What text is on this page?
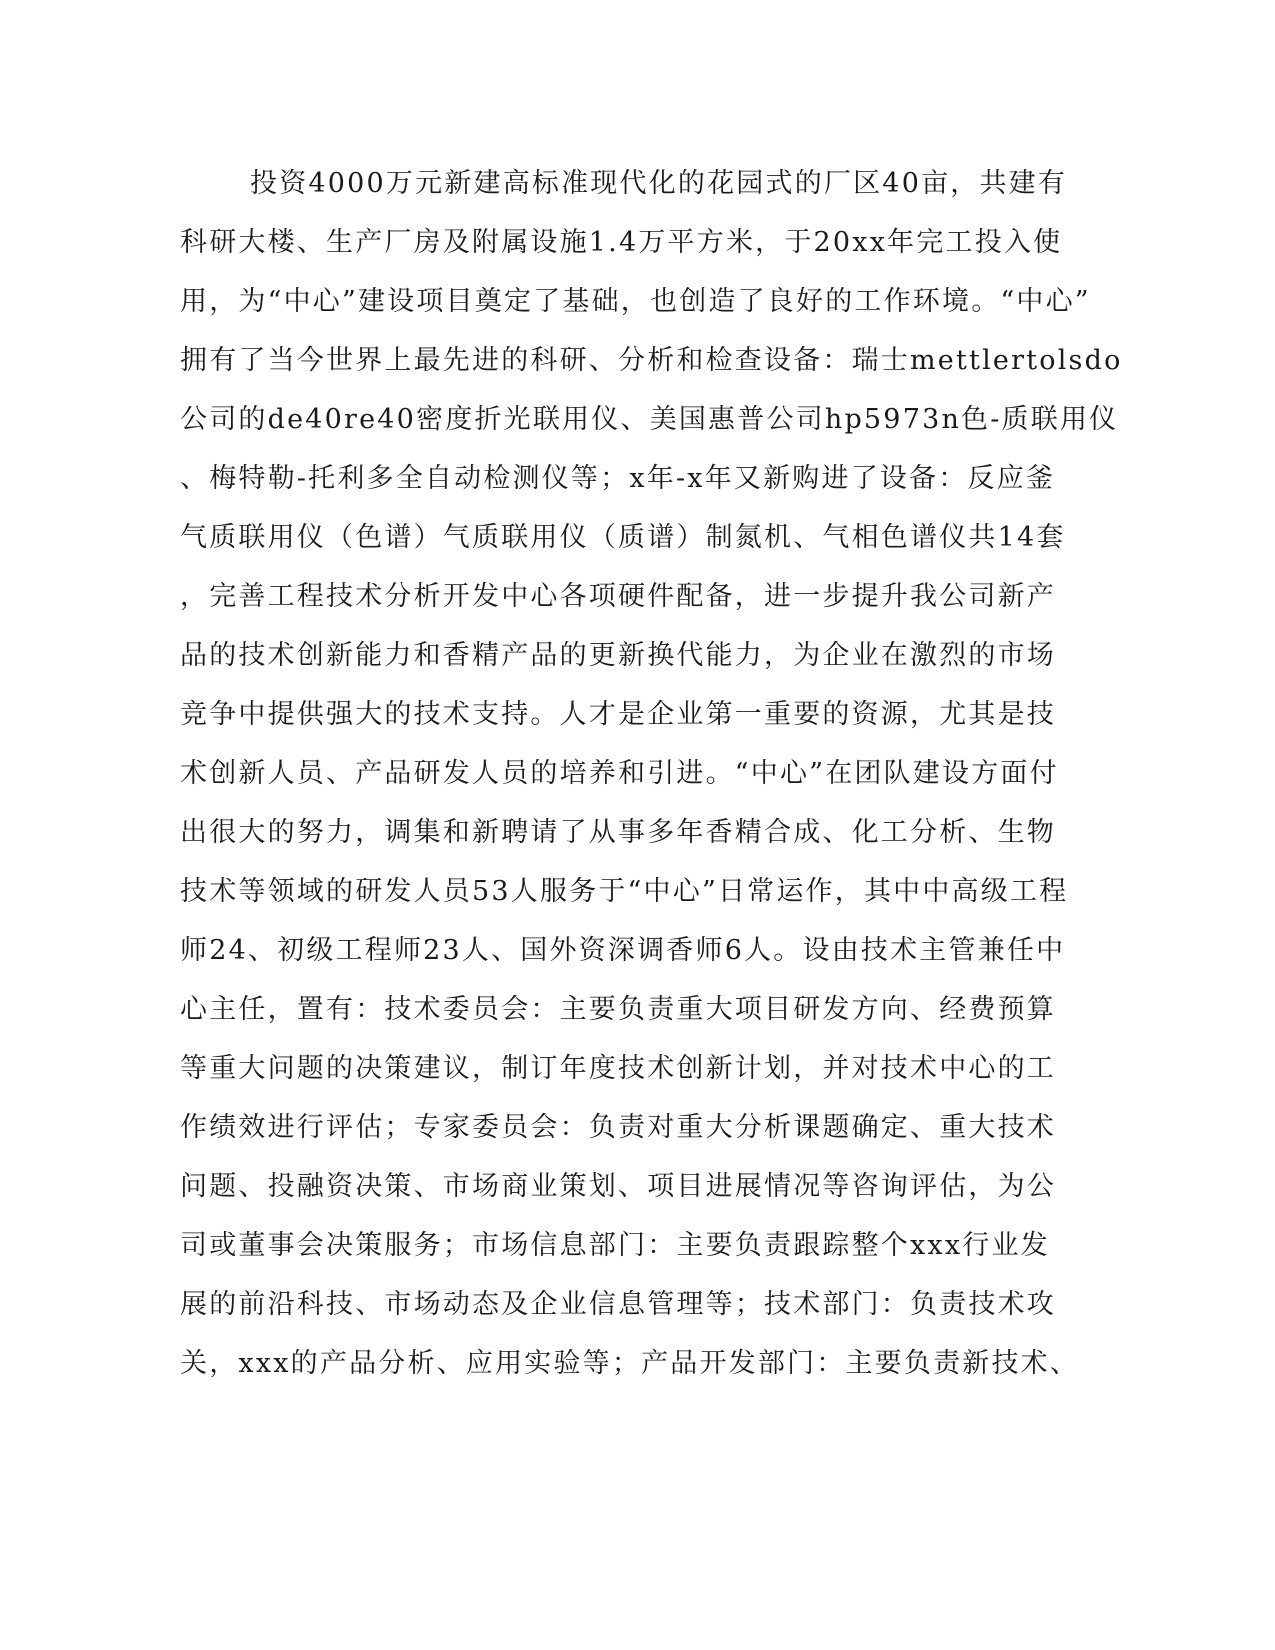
投资4000万元新建高标准现代化的花园式的厂区40亩，共建有
科研大楼、生产厂房及附属设施1.4万平方米，于20xx年完工投入使
用，为“中心”建设项目奠定了基础，也创造了良好的工作环境。“中心”
拥有了当今世界上最先进的科研、分析和检查设备：瑞士mettlertolsdo
公司的de40re40密度折光联用仪、美国惠普公司hp5973n色-质联用仪
、梅特勒-托利多全自动检测仪等；x年-x年又新购进了设备：反应釜
气质联用仪（色谱）气质联用仪（质谱）制氮机、气相色谱仪共14套
，完善工程技术分析开发中心各项硬件配备，进一步提升我公司新产
品的技术创新能力和香精产品的更新换代能力，为企业在激烈的市场
竞争中提供强大的技术支持。人才是企业第一重要的资源，尤其是技
术创新人员、产品研发人员的培养和引进。“中心”在团队建设方面付
出很大的努力，调集和新聘请了从事多年香精合成、化工分析、生物
技术等领域的研发人员53人服务于“中心”日常运作，其中中高级工程
师24、初级工程师23人、国外资深调香师6人。设由技术主管兼任中
心主任，置有：技术委员会：主要负责重大项目研发方向、经费预算
等重大问题的决策建议，制订年度技术创新计划，并对技术中心的工
作绩效进行评估；专家委员会：负责对重大分析课题确定、重大技术
问题、投融资决策、市场商业策划、项目进展情况等咨询评估，为公
司或董事会决策服务；市场信息部门：主要负责跟踪整个xxx行业发
展的前沿科技、市场动态及企业信息管理等；技术部门：负责技术攻
关，xxx的产品分析、应用实验等；产品开发部门：主要负责新技术、
